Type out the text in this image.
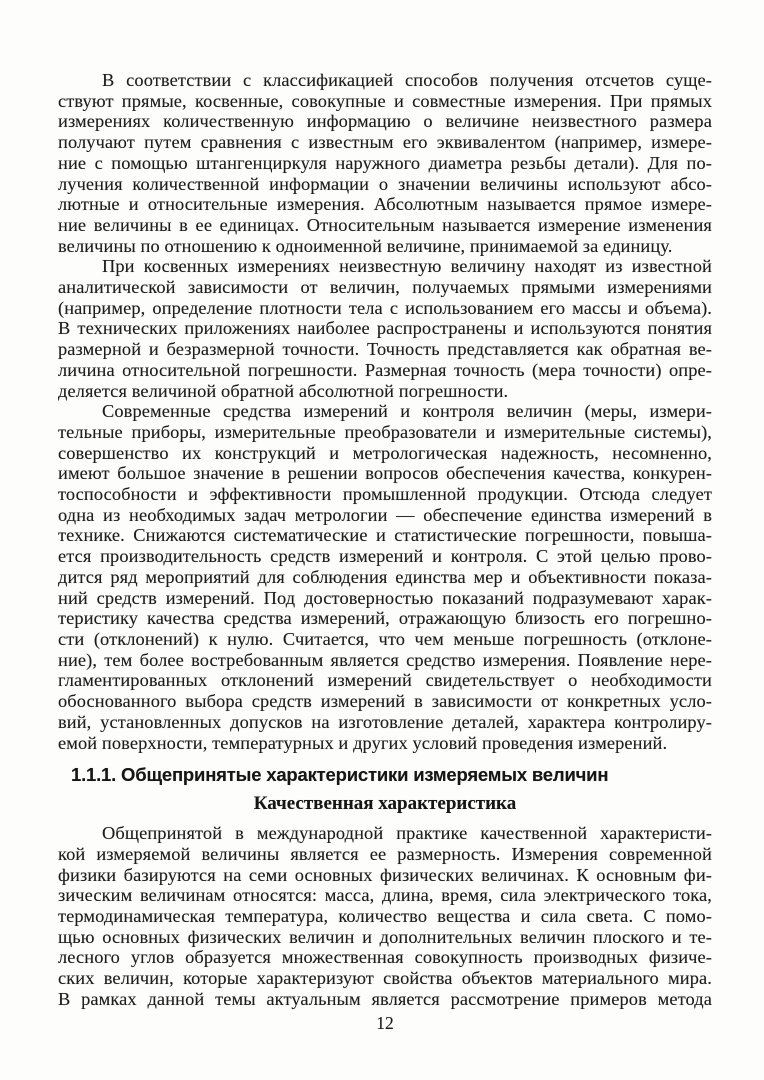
В соответствии с классификацией способов получения отсчетов суще-
ствуют прямые, косвенные, совокупные и совместные измерения. При прямых
измерениях количественную информацию о величине неизвестного размера
получают путем сравнения с известным его эквивалентом (например, измере-
ние с помощью штангенциркуля наружного диаметра резьбы детали). Для по-
лучения количественной информации о значении величины используют абсо-
лютные и относительные измерения. Абсолютным называется прямое измере-
ние величины в ее единицах. Относительным называется измерение изменения
величины по отношению к одноименной величине, принимаемой за единицу.
При косвенных измерениях неизвестную величину находят из известной
аналитической зависимости от величин, получаемых прямыми измерениями
(например, определение плотности тела с использованием его массы и объема).
В технических приложениях наиболее распространены и используются понятия
размерной и безразмерной точности. Точность представляется как обратная ве-
личина относительной погрешности. Размерная точность (мера точности) опре-
деляется величиной обратной абсолютной погрешности.
Современные средства измерений и контроля величин (меры, измери-
тельные приборы, измерительные преобразователи и измерительные системы),
совершенство их конструкций и метрологическая надежность, несомненно,
имеют большое значение в решении вопросов обеспечения качества, конкурен-
тоспособности и эффективности промышленной продукции. Отсюда следует
одна из необходимых задач метрологии — обеспечение единства измерений в
технике. Снижаются систематические и статистические погрешности, повыша-
ется производительность средств измерений и контроля. С этой целью прово-
дится ряд мероприятий для соблюдения единства мер и объективности показа-
ний средств измерений. Под достоверностью показаний подразумевают харак-
теристику качества средства измерений, отражающую близость его погрешно-
сти (отклонений) к нулю. Считается, что чем меньше погрешность (отклоне-
ние), тем более востребованным является средство измерения. Появление нере-
гламентированных отклонений измерений свидетельствует о необходимости
обоснованного выбора средств измерений в зависимости от конкретных усло-
вий, установленных допусков на изготовление деталей, характера контролиру-
емой поверхности, температурных и других условий проведения измерений.
1.1.1. Общепринятые характеристики измеряемых величин
Качественная характеристика
Общепринятой в международной практике качественной характеристи-
кой измеряемой величины является ее размерность. Измерения современной
физики базируются на семи основных физических величинах. К основным фи-
зическим величинам относятся: масса, длина, время, сила электрического тока,
термодинамическая температура, количество вещества и сила света. С помо-
щью основных физических величин и дополнительных величин плоского и те-
лесного углов образуется множественная совокупность производных физиче-
ских величин, которые характеризуют свойства объектов материального мира.
В рамках данной темы актуальным является рассмотрение примеров метода
12
